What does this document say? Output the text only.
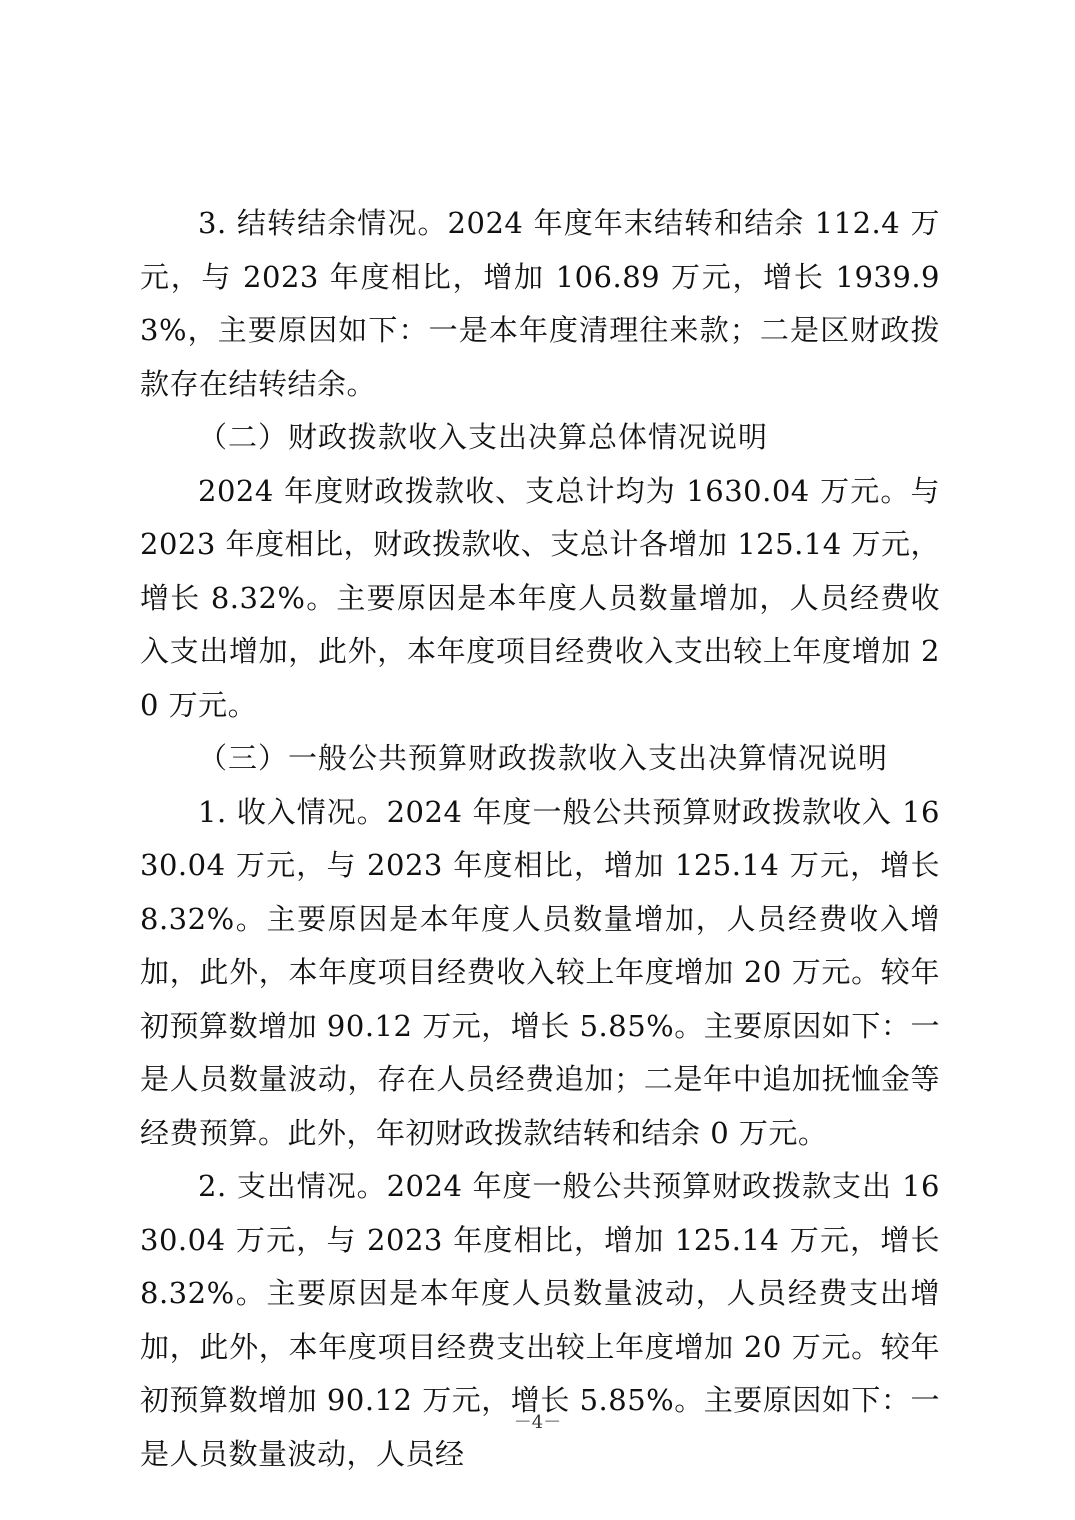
3. 结转结余情况。2024 年度年末结转和结余 112.4 万元，与 2023 年度相比，增加 106.89 万元，增长 1939.93%，主要原因如下：一是本年度清理往来款；二是区财政拨款存在结转结余。

（二）财政拨款收入支出决算总体情况说明

2024 年度财政拨款收、支总计均为 1630.04 万元。与 2023 年度相比，财政拨款收、支总计各增加 125.14 万元，增长 8.32%。主要原因是本年度人员数量增加，人员经费收入支出增加，此外，本年度项目经费收入支出较上年度增加 20 万元。

（三）一般公共预算财政拨款收入支出决算情况说明

1. 收入情况。2024 年度一般公共预算财政拨款收入 1630.04 万元，与 2023 年度相比，增加 125.14 万元，增长 8.32%。主要原因是本年度人员数量增加，人员经费收入增加，此外，本年度项目经费收入较上年度增加 20 万元。较年初预算数增加 90.12 万元，增长 5.85%。主要原因如下：一是人员数量波动，存在人员经费追加；二是年中追加抚恤金等经费预算。此外，年初财政拨款结转和结余 0 万元。

2. 支出情况。2024 年度一般公共预算财政拨款支出 1630.04 万元，与 2023 年度相比，增加 125.14 万元，增长 8.32%。主要原因是本年度人员数量波动，人员经费支出增加，此外，本年度项目经费支出较上年度增加 20 万元。较年初预算数增加 90.12 万元，增长 5.85%。主要原因如下：一是人员数量波动，人员经

－4－
